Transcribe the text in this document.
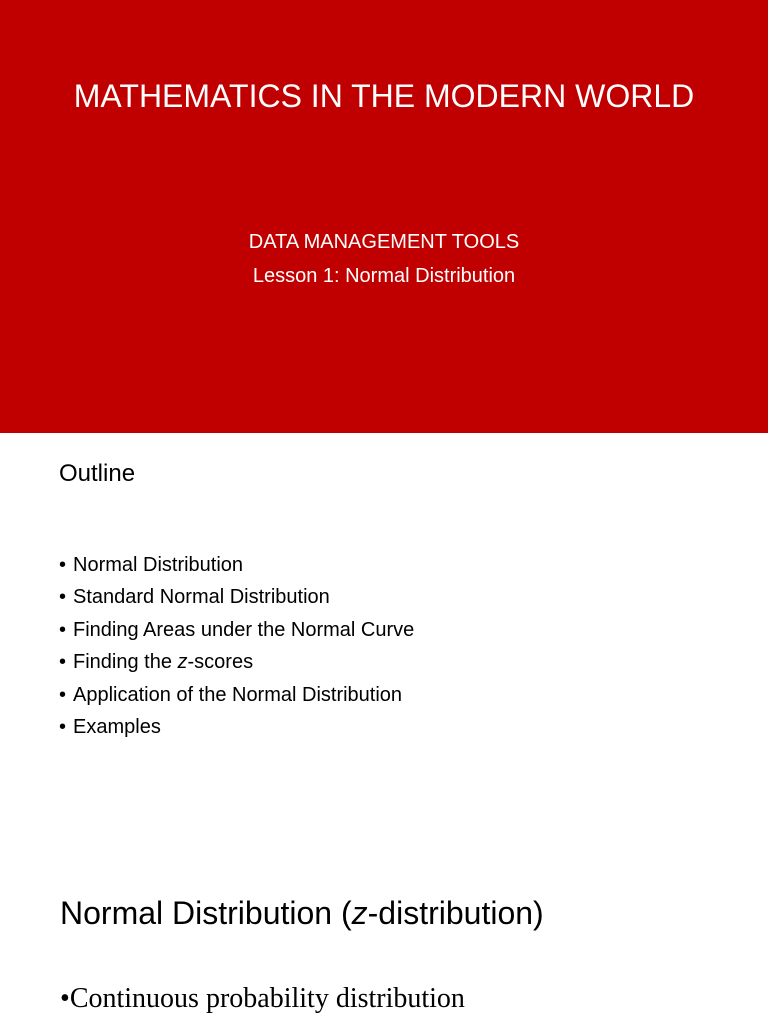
MATHEMATICS IN THE MODERN WORLD
DATA MANAGEMENT TOOLS
Lesson 1: Normal Distribution
Outline
• Normal Distribution
• Standard Normal Distribution
• Finding Areas under the Normal Curve
• Finding the z-scores
• Application of the Normal Distribution
• Examples
Normal Distribution (z-distribution)
•Continuous probability distribution
